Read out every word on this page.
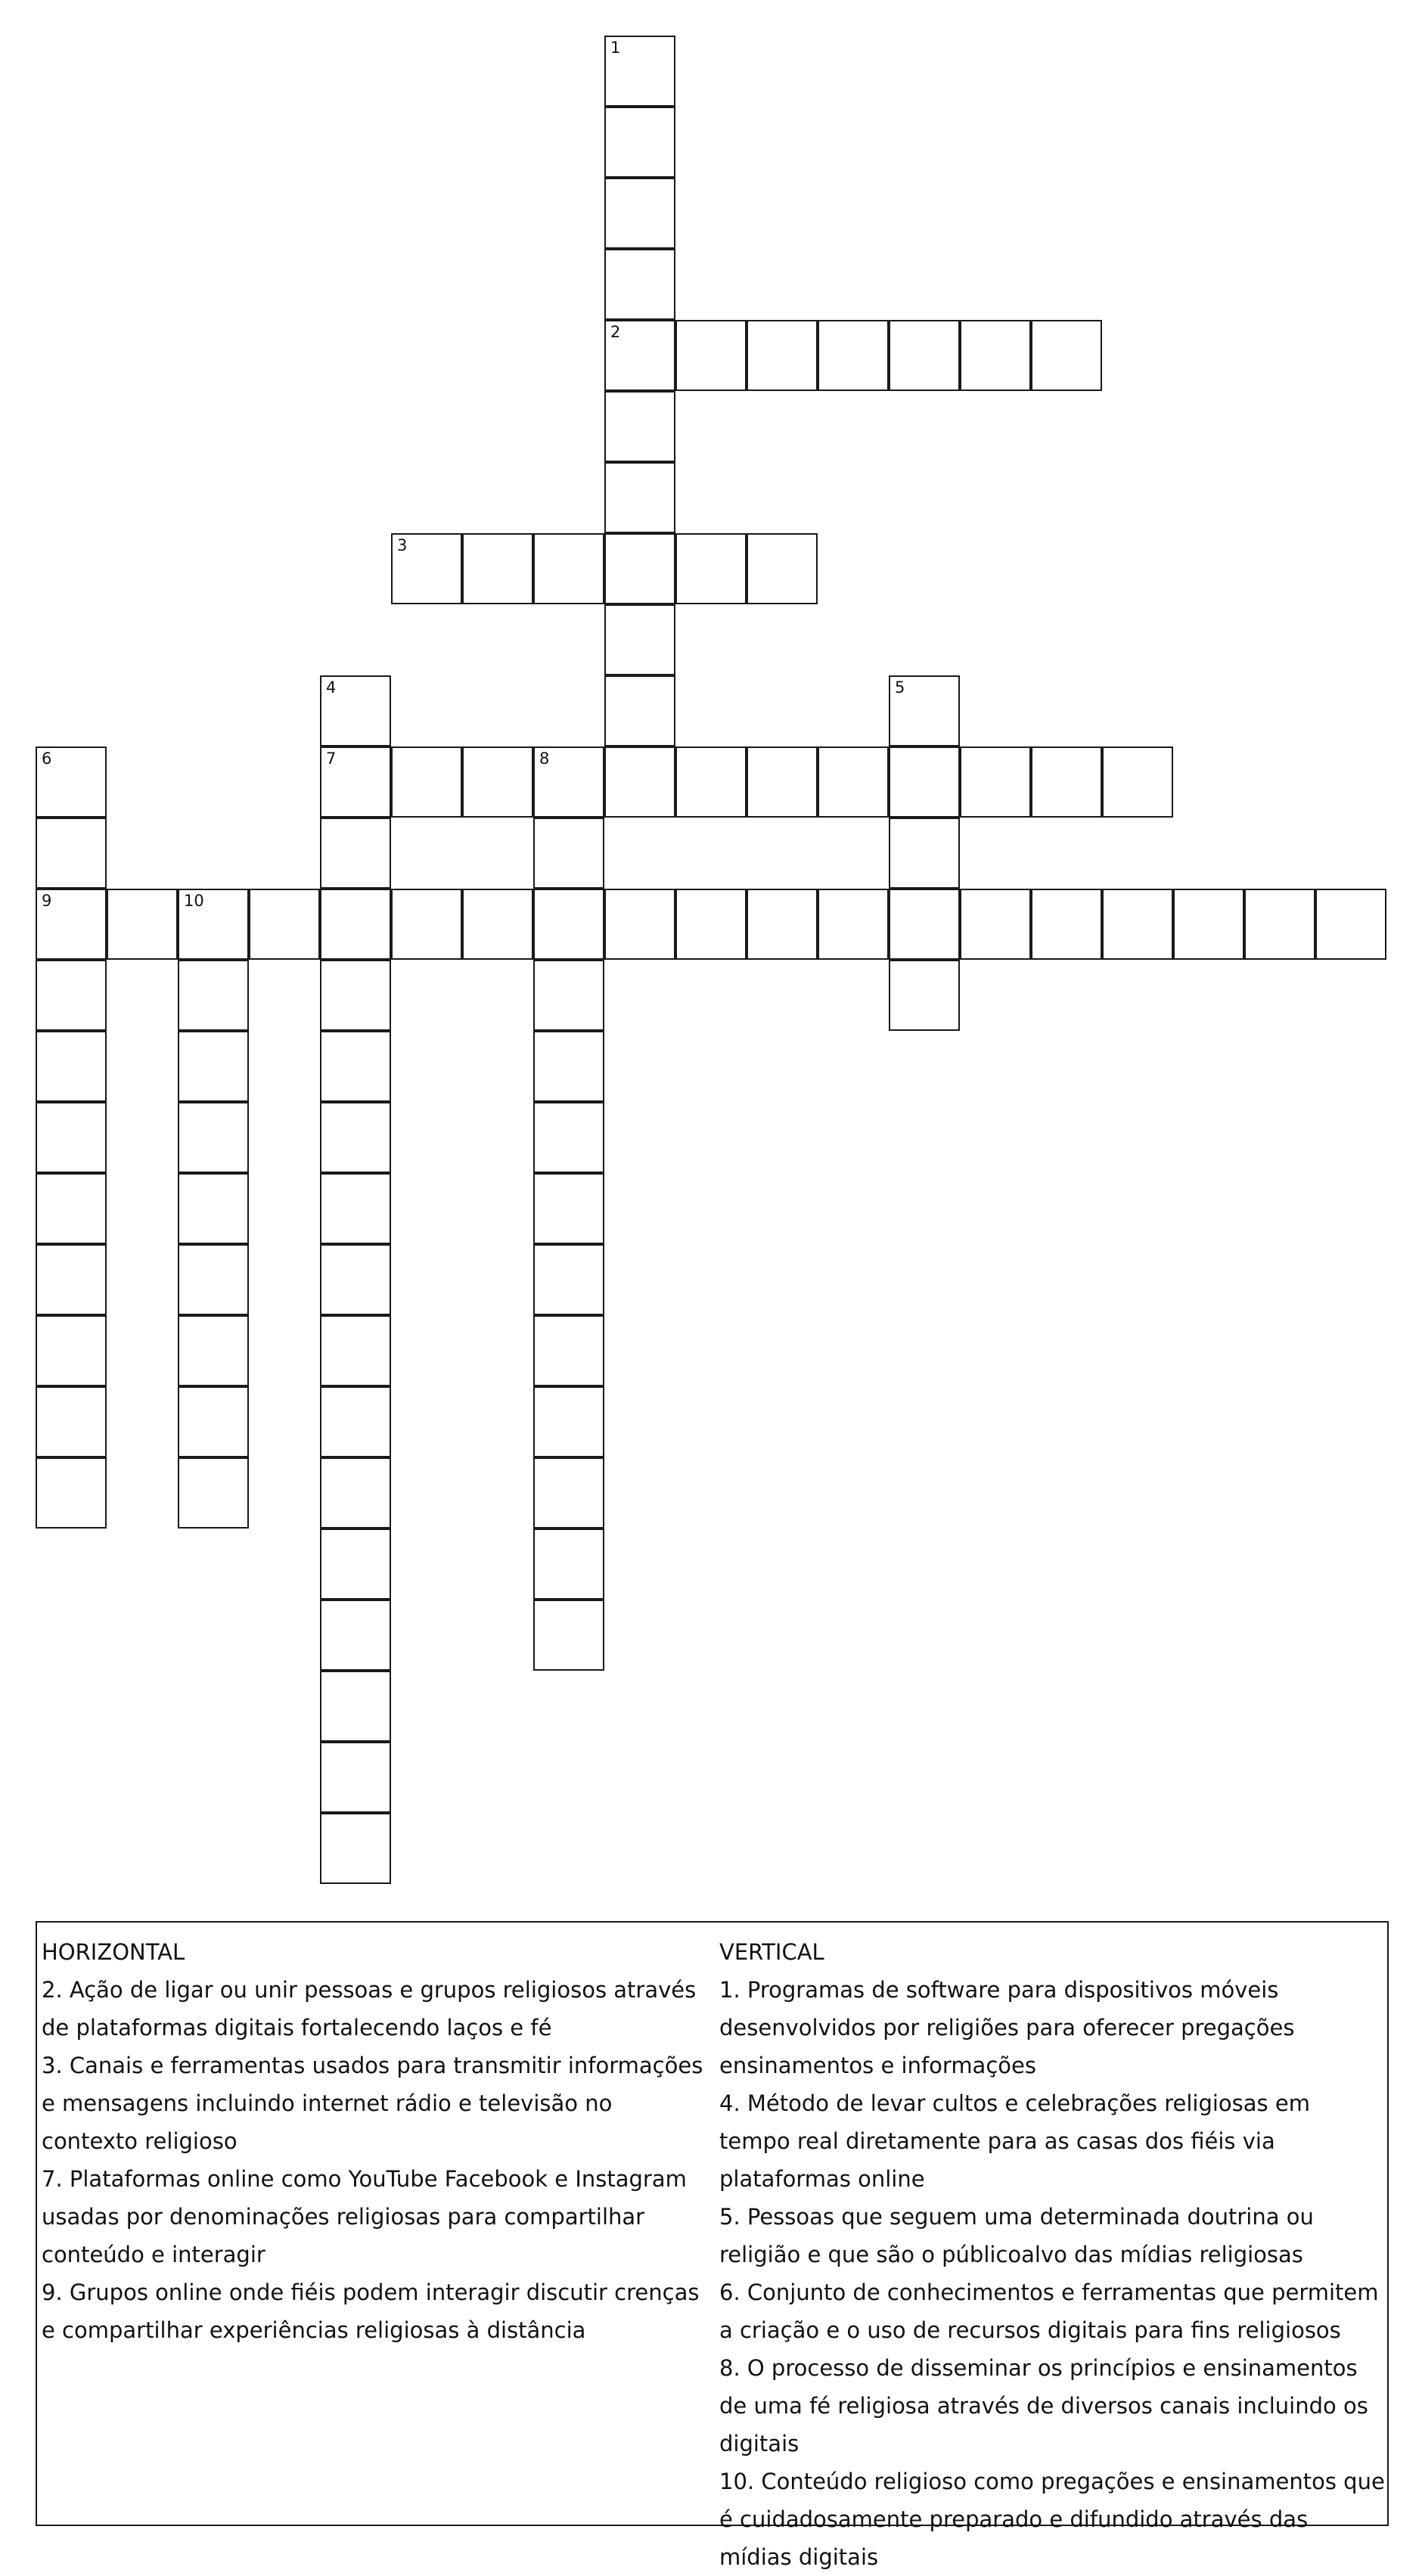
1
2
3
4	5
6	7	8
9	10

HORIZONTAL

2. Ação de ligar ou unir pessoas e grupos religiosos através de plataformas digitais fortalecendo laços e fé

3. Canais e ferramentas usados para transmitir informações e mensagens incluindo internet rádio e televisão no contexto religioso

7. Plataformas online como YouTube Facebook e Instagram usadas por denominações religiosas para compartilhar conteúdo e interagir

9. Grupos online onde fiéis podem interagir discutir crenças e compartilhar experiências religiosas à distância

VERTICAL

1. Programas de software para dispositivos móveis desenvolvidos por religiões para oferecer pregações ensinamentos e informações

4. Método de levar cultos e celebrações religiosas em tempo real diretamente para as casas dos fiéis via plataformas online

5. Pessoas que seguem uma determinada doutrina ou religião e que são o públicoalvo das mídias religiosas

6. Conjunto de conhecimentos e ferramentas que permitem a criação e o uso de recursos digitais para fins religiosos

8. O processo de disseminar os princípios e ensinamentos de uma fé religiosa através de diversos canais incluindo os digitais

10. Conteúdo religioso como pregações e ensinamentos que é cuidadosamente preparado e difundido através das mídias digitais
